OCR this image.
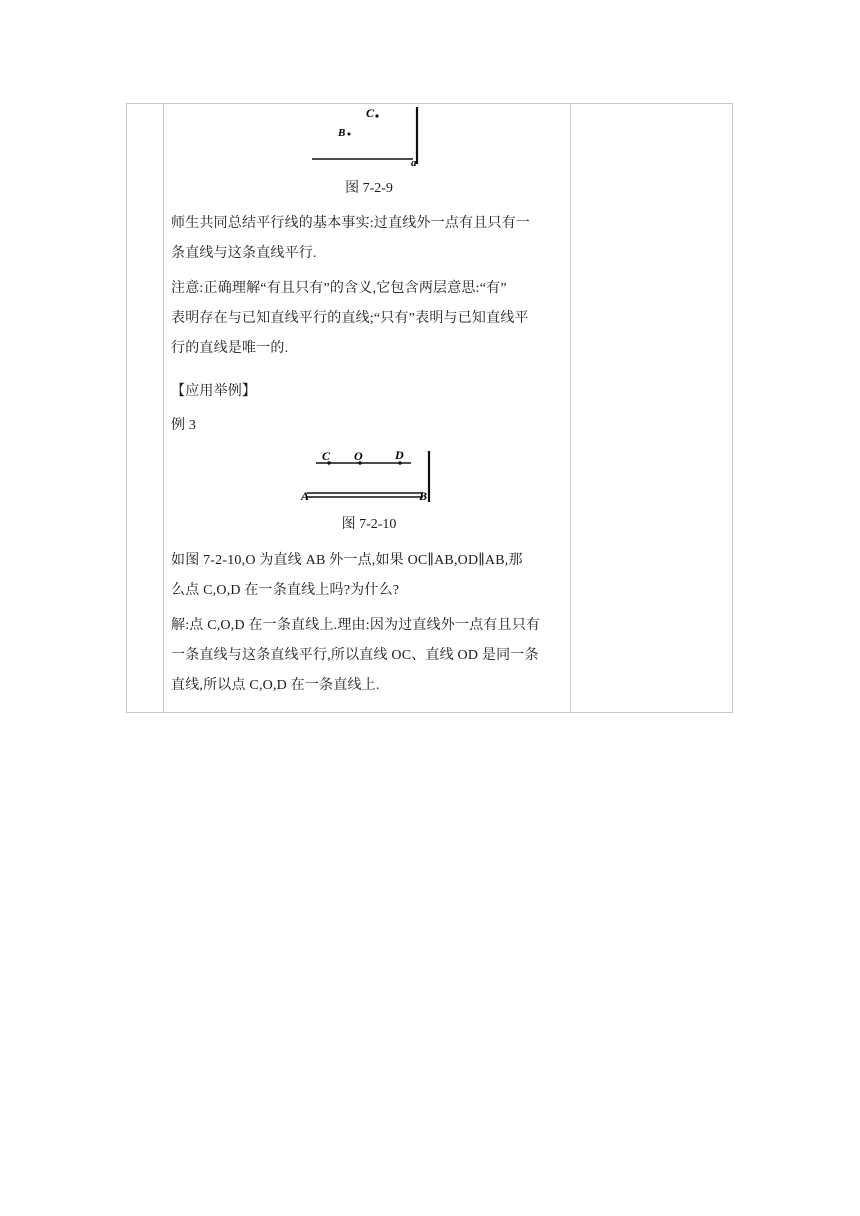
C
B
a
图 7-2-9
师生共同总结平行线的基本事实:过直线外一点有且只有一
条直线与这条直线平行.
注意:正确理解“有且只有”的含义,它包含两层意思:“有”
表明存在与已知直线平行的直线;“只有”表明与已知直线平
行的直线是唯一的.
【应用举例】
例 3
C O	D
A	B
图 7-2-10
如图 7-2-10,O 为直线 AB 外一点,如果 OC∥AB,OD∥AB,那
么点 C,O,D 在一条直线上吗?为什么?
解:点 C,O,D 在一条直线上.理由:因为过直线外一点有且只有
一条直线与这条直线平行,所以直线 OC、直线 OD 是同一条
直线,所以点 C,O,D 在一条直线上.
